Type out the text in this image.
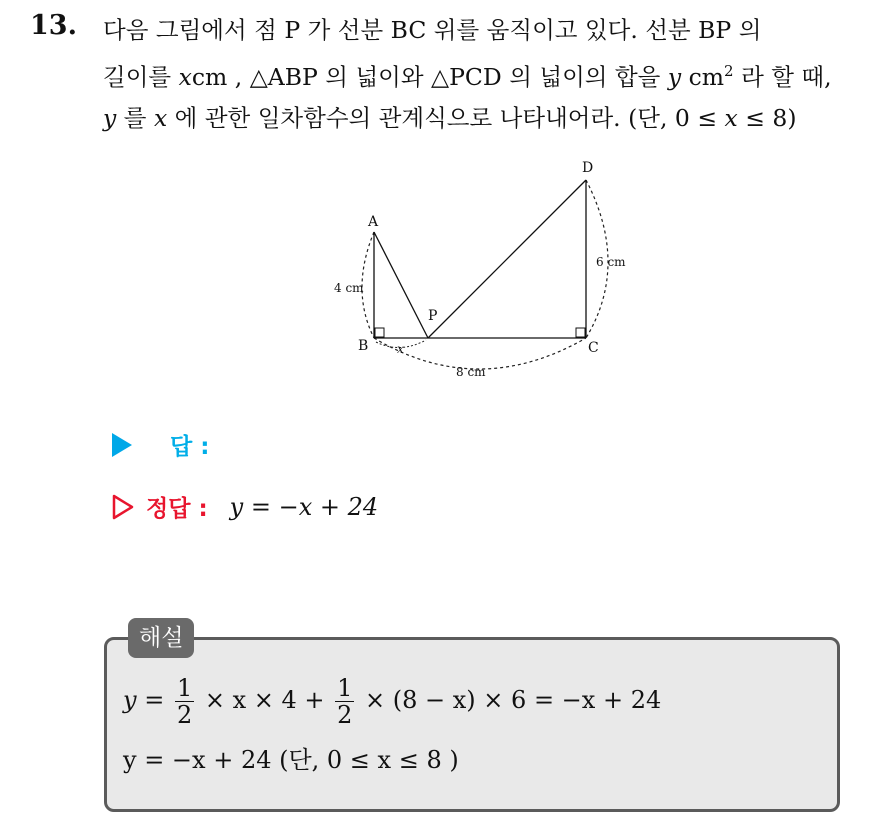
13. 다음 그림에서 점 P 가 선분 BC 위를 움직이고 있다. 선분 BP 의

길이를 xcm , △ABP 의 넓이와 △PCD 의 넓이의 합을 y $cm^2$ 라 할 때,

y 를 x 에 관한 일차함수의 관계식으로 나타내어라. (단, 0 ≤ x ≤ 8)

A
B	C
D
P
4 cm
6 cm
8 cm
x
답 :
정답 : y = −x + 24
해설
$y = \frac{1}{2} \times x \times 4 + \frac{1}{2} \times (8 - x) \times 6 = -x + 24$
y = −x + 24 (단, 0 ≤ x ≤ 8 )
